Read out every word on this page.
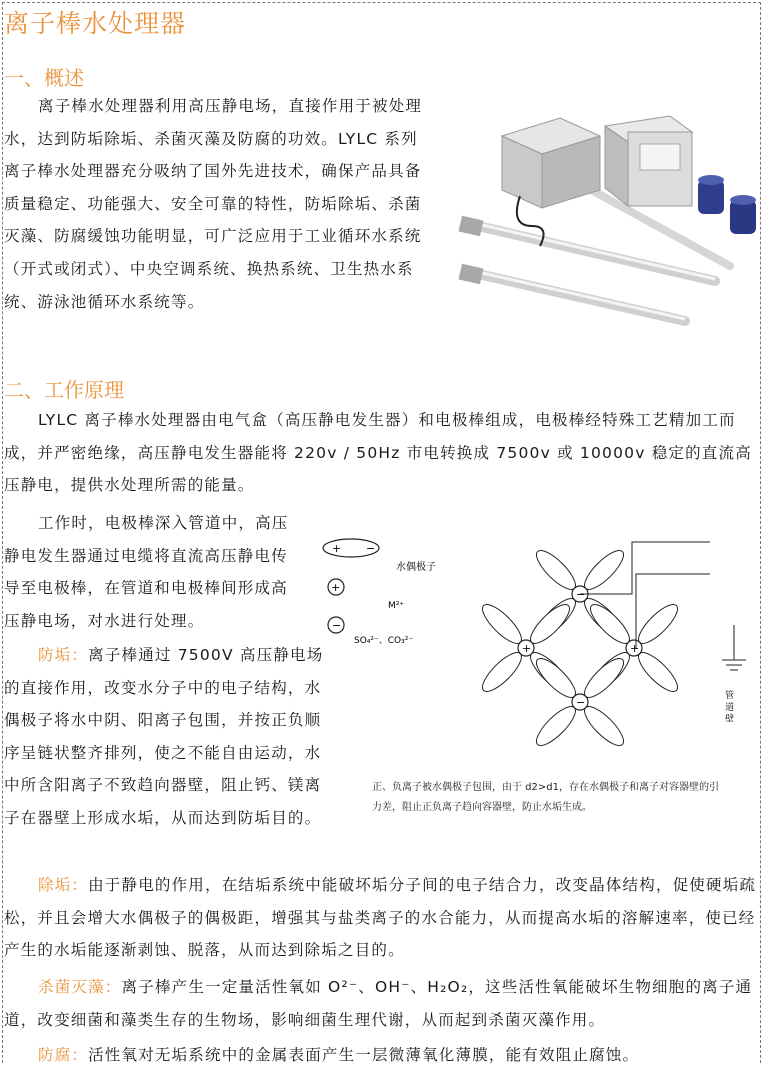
离子棒水处理器
一、概述

离子棒水处理器利用高压静电场，直接作用于被处理水，达到防垢除垢、杀菌灭藻及防腐的功效。LYLC 系列离子棒水处理器充分吸纳了国外先进技术，确保产品具备质量稳定、功能强大、安全可靠的特性，防垢除垢、杀菌灭藻、防腐缓蚀功能明显，可广泛应用于工业循环水系统（开式或闭式）、中央空调系统、换热系统、卫生热水系统、游泳池循环水系统等。

二、工作原理

LYLC 离子棒水处理器由电气盒（高压静电发生器）和电极棒组成，电极棒经特殊工艺精加工而成，并严密绝缘，高压静电发生器能将 220v / 50Hz 市电转换成 7500v 或 10000v 稳定的直流高压静电，提供水处理所需的能量。

工作时，电极棒深入管道中，高压静电发生器通过电缆将直流高压静电传导至电极棒，在管道和电极棒间形成高压静电场，对水进行处理。

防垢：离子棒通过 7500V 高压静电场的直接作用，改变水分子中的电子结构，水偶极子将水中阴、阳离子包围，并按正负顺序呈链状整齐排列，使之不能自由运动，水中所含阳离子不致趋向器壁，阻止钙、镁离子在器壁上形成水垢，从而达到防垢目的。

+ −
水偶极子
+
M²⁺
−
SO₄²⁻、CO₃²⁻
−
+	+
−	管 道 壁

正、负离子被水偶极子包围，由于 d2>d1，存在水偶极子和离子对容器壁的引力差，阻止正负离子趋向容器壁，防止水垢生成。

除垢：由于静电的作用，在结垢系统中能破坏垢分子间的电子结合力，改变晶体结构，促使硬垢疏松，并且会增大水偶极子的偶极距，增强其与盐类离子的水合能力，从而提高水垢的溶解速率，使已经产生的水垢能逐渐剥蚀、脱落，从而达到除垢之目的。

杀菌灭藻：离子棒产生一定量活性氧如 O²⁻、OH⁻、H₂O₂，这些活性氧能破坏生物细胞的离子通道，改变细菌和藻类生存的生物场，影响细菌生理代谢，从而起到杀菌灭藻作用。

防腐：活性氧对无垢系统中的金属表面产生一层微薄氧化薄膜，能有效阻止腐蚀。
